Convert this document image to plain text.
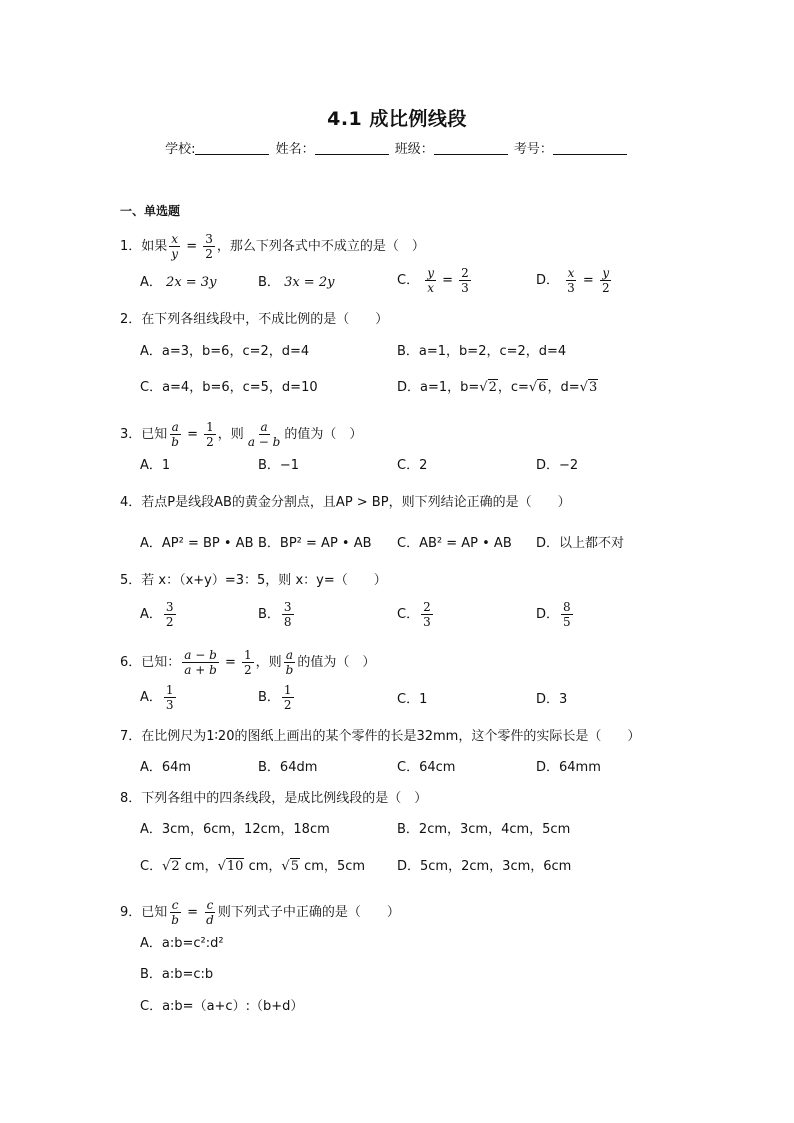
4.1 成比例线段
学校:	姓名：	班级：	考号：
一、单选题
1．如果 $\frac{x}{y} = \frac{3}{2}$ ，那么下列各式中不成立的是（　）
A． 2x = 3y	B． 3x = 2y	C． $\frac{y}{x} = \frac{2}{3}$	D． $\frac{x}{3} = \frac{y}{2}$
2．在下列各组线段中，不成比例的是（　　）
A．a=3，b=6，c=2，d=4	B．a=1，b=2，c=2，d=4
C．a=4，b=6，c=5，d=10	D．a=1，b=√2，c=√6，d=√3
3．已知 $\frac{a}{b} = \frac{1}{2}$ ，则 $\frac{a}{a - b}$ 的值为（　）
A．1	B．−1	C．2	D．−2
4．若点P是线段AB的黄金分割点，且AP > BP，则下列结论正确的是（　　）
A．AP² = BP • AB B．BP² = AP • AB C．AB² = AP • AB D．以上都不对
5．若 x：（x+y）=3：5，则 x：y=（　　）
A． $\frac{3}{2}$	B． $\frac{3}{8}$	C． $\frac{2}{3}$	D． $\frac{8}{5}$
6．已知： $\frac{a - b}{a + b} = \frac{1}{2}$ ，则 $\frac{a}{b}$ 的值为（　）
A． $\frac{1}{3}$	B． $\frac{1}{2}$	C．1	D．3
7．在比例尺为1∶20的图纸上画出的某个零件的长是32mm，这个零件的实际长是（　　）
A．64m	B．64dm	C．64cm	D．64mm
8．下列各组中的四条线段，是成比例线段的是（　）
A．3cm，6cm，12cm，18cm	B．2cm，3cm，4cm，5cm
C．√2 cm，√10 cm，√5 cm，5cm D．5cm，2cm，3cm，6cm
9．已知 $\frac{c}{b} = \frac{c}{d}$ 则下列式子中正确的是（　　）
A．a:b=c²:d²
B．a:b=c:b
C．a:b=（a+c）:（b+d）
